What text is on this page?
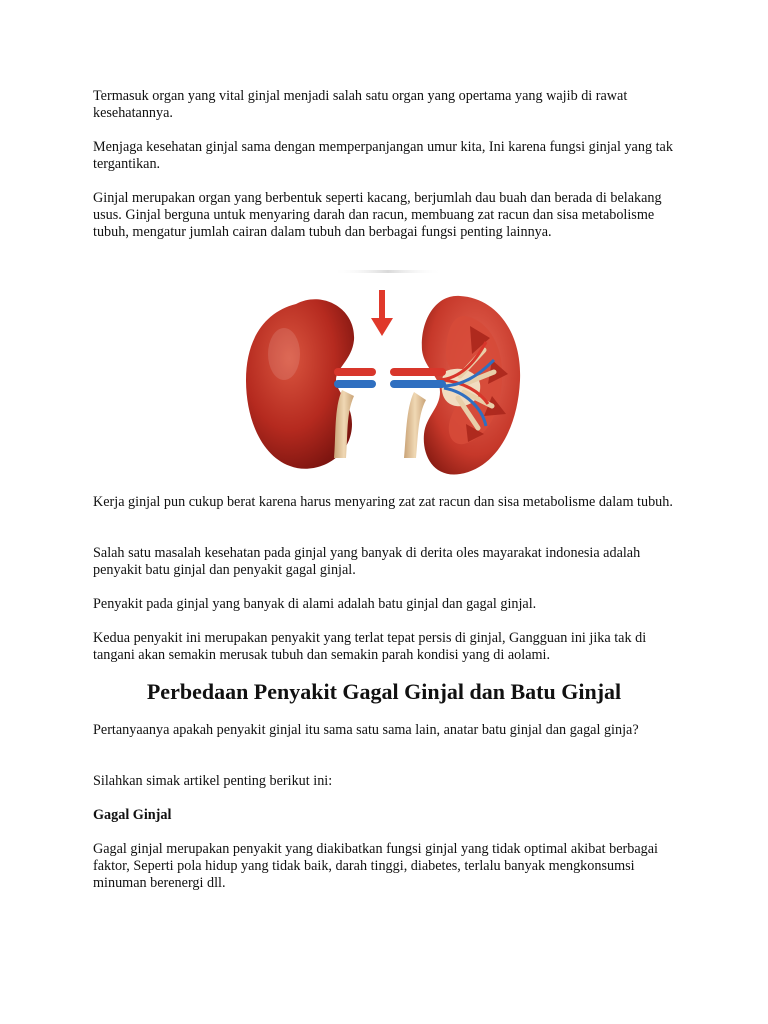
Termasuk organ yang vital ginjal menjadi salah satu organ yang opertama yang wajib di rawat kesehatannya.

Menjaga kesehatan ginjal sama dengan memperpanjangan umur kita, Ini karena fungsi ginjal yang tak tergantikan.

Ginjal merupakan organ yang berbentuk seperti kacang, berjumlah dau buah dan berada di belakang usus. Ginjal berguna untuk menyaring darah dan racun, membuang zat racun dan sisa metabolisme tubuh, mengatur jumlah cairan dalam tubuh dan berbagai fungsi penting lainnya.

Kerja ginjal pun cukup berat karena harus menyaring zat zat racun dan sisa metabolisme dalam tubuh.

Salah satu masalah kesehatan pada ginjal yang banyak di derita oles mayarakat indonesia adalah penyakit batu ginjal dan penyakit gagal ginjal.

Penyakit pada ginjal yang banyak di alami adalah batu ginjal dan gagal ginjal.

Kedua penyakit ini merupakan penyakit yang terlat tepat persis di ginjal, Gangguan ini jika tak di tangani akan semakin merusak tubuh dan semakin parah kondisi yang di aolami.

Perbedaan Penyakit Gagal Ginjal dan Batu Ginjal

Pertanyaanya apakah penyakit ginjal itu sama satu sama lain, anatar batu ginjal dan gagal ginja?

Silahkan simak artikel penting berikut ini:

Gagal Ginjal

Gagal ginjal merupakan penyakit yang diakibatkan fungsi ginjal yang tidak optimal akibat berbagai faktor, Seperti pola hidup yang tidak baik, darah tinggi, diabetes, terlalu banyak mengkonsumsi minuman berenergi dll.
